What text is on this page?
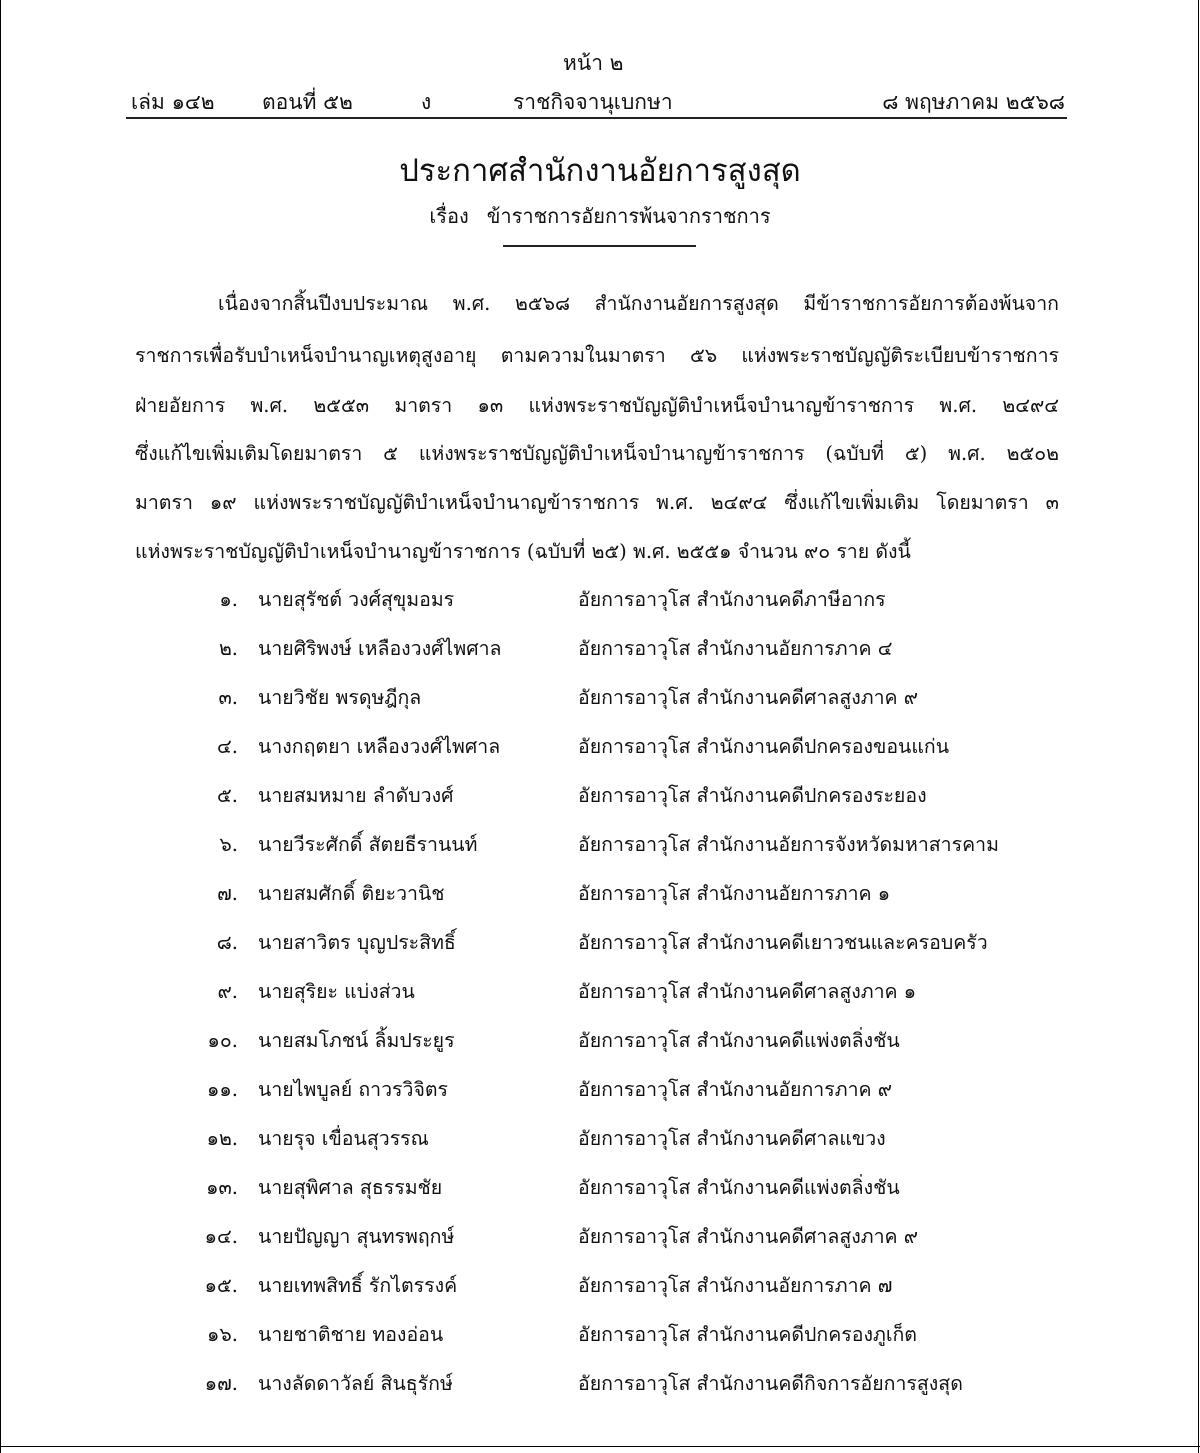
หน้า ๒
เล่ม ๑๔๒ ตอนที่ ๕๒	ง	ราชกิจจานุเบกษา	๘ พฤษภาคม ๒๕๖๘
ประกาศสำนักงานอัยการสูงสุด
เรื่อง ข้าราชการอัยการพ้นจากราชการ
เนื่องจากสิ้นปีงบประมาณ พ.ศ. ๒๕๖๘ สำนักงานอัยการสูงสุด มีข้าราชการอัยการต้องพ้นจาก
ราชการเพื่อรับบำเหน็จบำนาญเหตุสูงอายุ ตามความในมาตรา ๕๖ แห่งพระราชบัญญัติระเบียบข้าราชการ
ฝ่ายอัยการ พ.ศ. ๒๕๕๓ มาตรา ๑๓ แห่งพระราชบัญญัติบำเหน็จบำนาญข้าราชการ พ.ศ. ๒๔๙๔
ซึ่งแก้ไขเพิ่มเติมโดยมาตรา ๕ แห่งพระราชบัญญัติบำเหน็จบำนาญข้าราชการ (ฉบับที่ ๕) พ.ศ. ๒๕๐๒
มาตรา ๑๙ แห่งพระราชบัญญัติบำเหน็จบำนาญข้าราชการ พ.ศ. ๒๔๙๔ ซึ่งแก้ไขเพิ่มเติม โดยมาตรา ๓
แห่งพระราชบัญญัติบำเหน็จบำนาญข้าราชการ (ฉบับที่ ๒๕) พ.ศ. ๒๕๕๑ จำนวน ๙๐ ราย ดังนี้
๑. นายสุรัชต์ วงศ์สุขุมอมร	อัยการอาวุโส สำนักงานคดีภาษีอากร
๒. นายศิริพงษ์ เหลืองวงศ์ไพศาล	อัยการอาวุโส สำนักงานอัยการภาค ๔
๓. นายวิชัย พรดุษฎีกุล	อัยการอาวุโส สำนักงานคดีศาลสูงภาค ๙
๔. นางกฤตยา เหลืองวงศ์ไพศาล	อัยการอาวุโส สำนักงานคดีปกครองขอนแก่น
๕. นายสมหมาย ลำดับวงศ์	อัยการอาวุโส สำนักงานคดีปกครองระยอง
๖. นายวีระศักดิ์ สัตยธีรานนท์	อัยการอาวุโส สำนักงานอัยการจังหวัดมหาสารคาม
๗. นายสมศักดิ์ ติยะวานิช	อัยการอาวุโส สำนักงานอัยการภาค ๑
๘. นายสาวิตร บุญประสิทธิ์	อัยการอาวุโส สำนักงานคดีเยาวชนและครอบครัว
๙. นายสุริยะ แบ่งส่วน	อัยการอาวุโส สำนักงานคดีศาลสูงภาค ๑
๑๐. นายสมโภชน์ ลิ้มประยูร	อัยการอาวุโส สำนักงานคดีแพ่งตลิ่งชัน
๑๑. นายไพบูลย์ ถาวรวิจิตร	อัยการอาวุโส สำนักงานอัยการภาค ๙
๑๒. นายรุจ เขื่อนสุวรรณ	อัยการอาวุโส สำนักงานคดีศาลแขวง
๑๓. นายสุพิศาล สุธรรมชัย	อัยการอาวุโส สำนักงานคดีแพ่งตลิ่งชัน
๑๔. นายปัญญา สุนทรพฤกษ์	อัยการอาวุโส สำนักงานคดีศาลสูงภาค ๙
๑๕. นายเทพสิทธิ์ รักไตรรงค์	อัยการอาวุโส สำนักงานอัยการภาค ๗
๑๖. นายชาติชาย ทองอ่อน	อัยการอาวุโส สำนักงานคดีปกครองภูเก็ต
๑๗. นางลัดดาวัลย์ สินธุรักษ์	อัยการอาวุโส สำนักงานคดีกิจการอัยการสูงสุด
